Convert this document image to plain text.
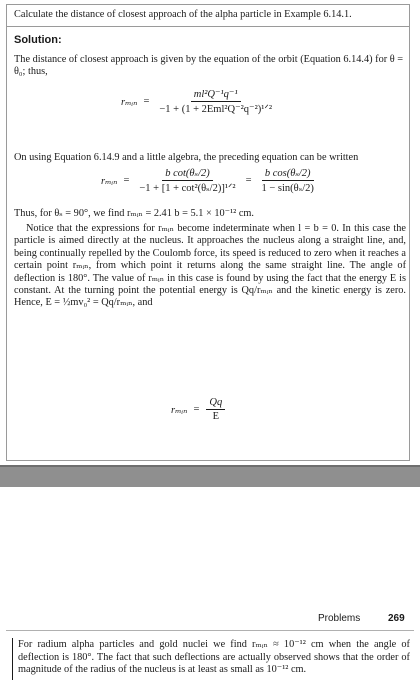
Calculate the distance of closest approach of the alpha particle in Example 6.14.1.
Solution:
The distance of closest approach is given by the equation of the orbit (Equation 6.14.4) for θ = θ₀; thus,
rₘᵢₙ = $\frac{\text{ml²Q⁻¹q⁻¹}}{\text{−1 + (1 + 2Eml²Q⁻²q⁻²)¹ᐟ²}}$
On using Equation 6.14.9 and a little algebra, the preceding equation can be written
rₘᵢₙ = $\frac{\text{b cot(θₛ/2)}}{\text{−1 + [1 + cot²(θₛ/2)]¹ᐟ²}} = \frac{\text{b cos(θₛ/2)}}{\text{1 − sin(θₛ/2)}}$
Thus, for θₛ = 90°, we find rₘᵢₙ = 2.41 b = 5.1 × 10⁻¹² cm.
Notice that the expressions for rₘᵢₙ become indeterminate when l = b = 0. In this case the particle is aimed directly at the nucleus. It approaches the nucleus along a straight line, and, being continually repelled by the Coulomb force, its speed is reduced to zero when it reaches a certain point rₘᵢₙ, from which point it returns along the same straight line. The angle of deflection is 180°. The value of rₘᵢₙ in this case is found by using the fact that the energy E is constant. At the turning point the potential energy is Qq/rₘᵢₙ and the kinetic energy is zero. Hence, E = ½mv₀² = Qq/rₘᵢₙ, and
rₘᵢₙ = $\frac{Qq}{E}$
Problems	269
For radium alpha particles and gold nuclei we find rₘᵢₙ ≈ 10⁻¹² cm when the angle of deflection is 180°. The fact that such deflections are actually observed shows that the order of magnitude of the radius of the nucleus is at least as small as 10⁻¹² cm.
